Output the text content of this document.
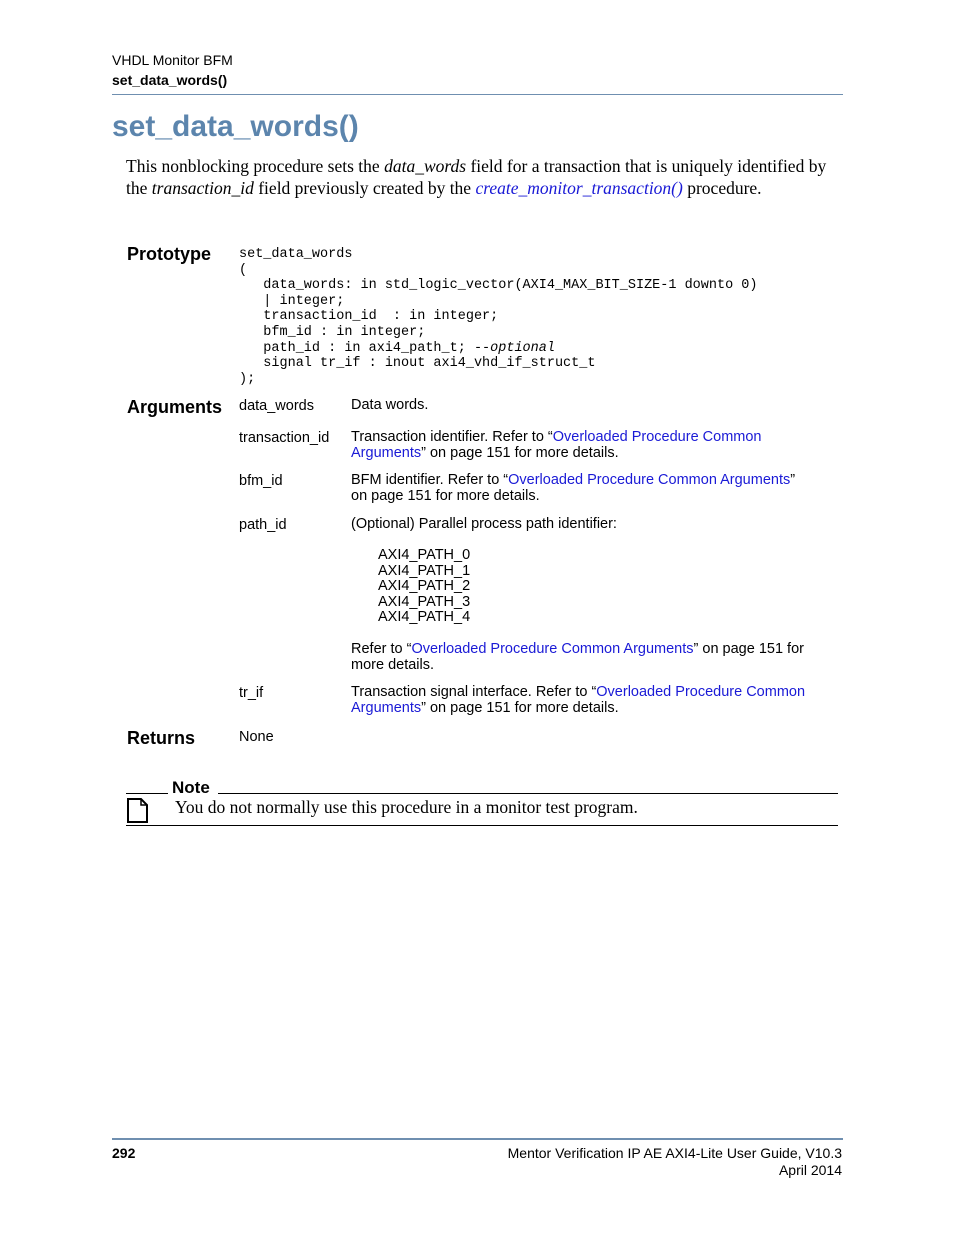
VHDL Monitor BFM
set_data_words()
set_data_words()
This nonblocking procedure sets the data_words field for a transaction that is uniquely identified by the transaction_id field previously created by the create_monitor_transaction() procedure.
Prototype set_data_words
(
data_words: in std_logic_vector(AXI4_MAX_BIT_SIZE-1 downto 0)
| integer;
transaction_id  : in integer;
bfm_id : in integer;
path_id : in axi4_path_t; --optional
signal tr_if : inout axi4_vhd_if_struct_t
);
Arguments data_words	Data words.
transaction_id Transaction identifier. Refer to “Overloaded Procedure Common
Arguments” on page 151 for more details.
bfm_id	BFM identifier. Refer to “Overloaded Procedure Common Arguments”
on page 151 for more details.
path_id	(Optional) Parallel process path identifier:
AXI4_PATH_0
AXI4_PATH_1
AXI4_PATH_2
AXI4_PATH_3
AXI4_PATH_4
Refer to “Overloaded Procedure Common Arguments” on page 151 for
more details.
tr_if	Transaction signal interface. Refer to “Overloaded Procedure Common
Arguments” on page 151 for more details.
Returns	None
Note
You do not normally use this procedure in a monitor test program.
292	Mentor Verification IP AE AXI4-Lite User Guide, V10.3
April 2014
